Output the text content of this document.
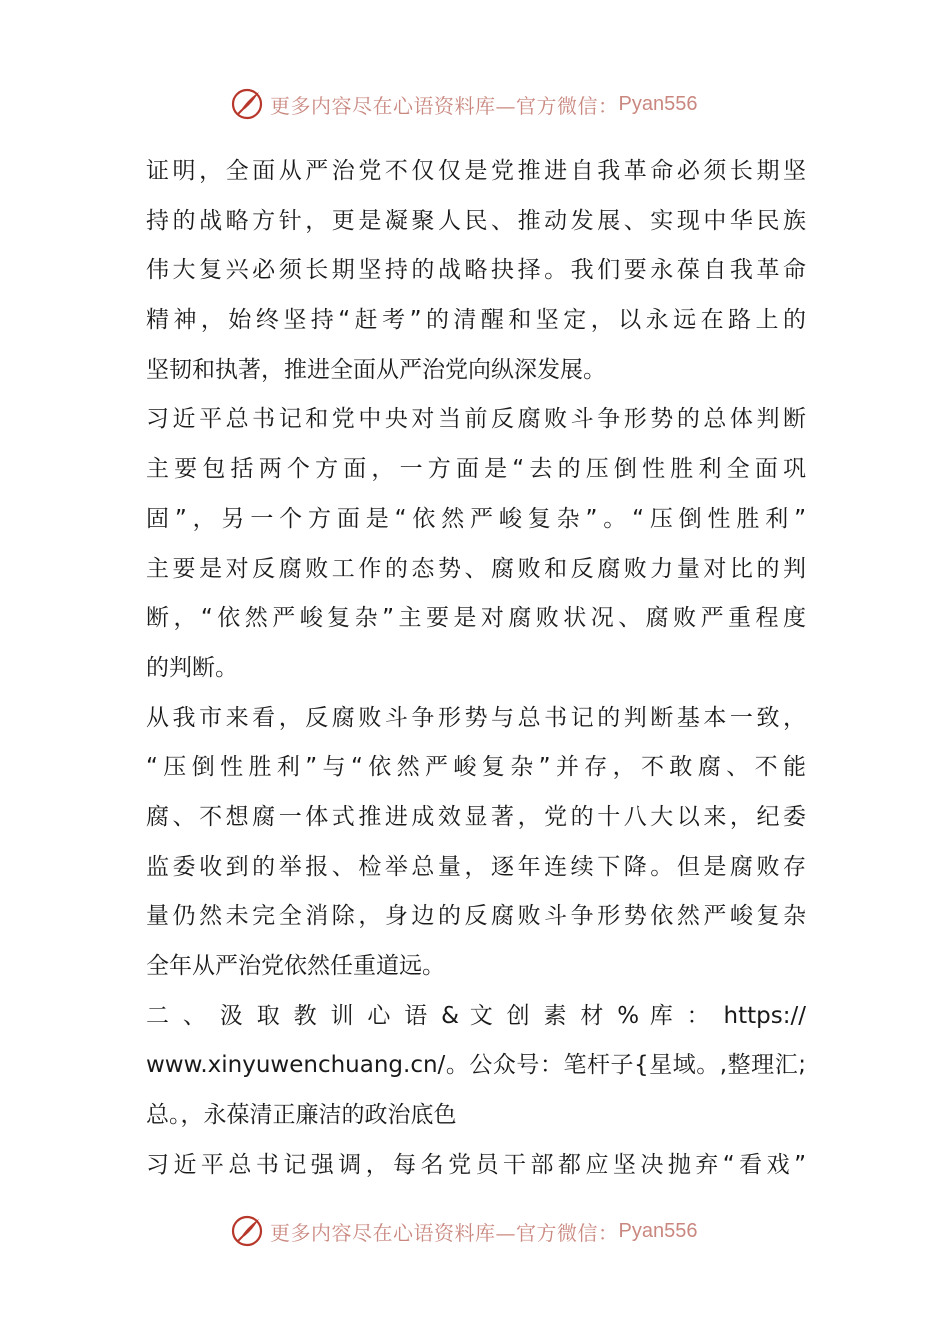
更多内容尽在心语资料库—官方微信： Pyan556
证明，全面从严治党不仅仅是党推进自我革命必须长期坚
持的战略方针，更是凝聚人民、推动发展、实现中华民族
伟大复兴必须长期坚持的战略抉择。我们要永葆自我革命
精神，始终坚持“赶考”的清醒和坚定，以永远在路上的
坚韧和执著，推进全面从严治党向纵深发展。
习近平总书记和党中央对当前反腐败斗争形势的总体判断
主要包括两个方面，一方面是“去的压倒性胜利全面巩
固”，另一个方面是“依然严峻复杂”。“压倒性胜利”
主要是对反腐败工作的态势、腐败和反腐败力量对比的判
断，“依然严峻复杂”主要是对腐败状况、腐败严重程度
的判断。
从我市来看，反腐败斗争形势与总书记的判断基本一致，
“压倒性胜利”与“依然严峻复杂”并存，不敢腐、不能
腐、不想腐一体式推进成效显著，党的十八大以来，纪委
监委收到的举报、检举总量，逐年连续下降。但是腐败存
量仍然未完全消除，身边的反腐败斗争形势依然严峻复杂
全年从严治党依然任重道远。
二 、 汲 取 教 训 心 语 & 文 创 素 材 % 库 ： https://
www.xinyuwenchuang.cn/。公众号：笔杆子{星域。,整理汇;
总。，永葆清正廉洁的政治底色
习近平总书记强调，每名党员干部都应坚决抛弃“看戏”
更多内容尽在心语资料库—官方微信： Pyan556
